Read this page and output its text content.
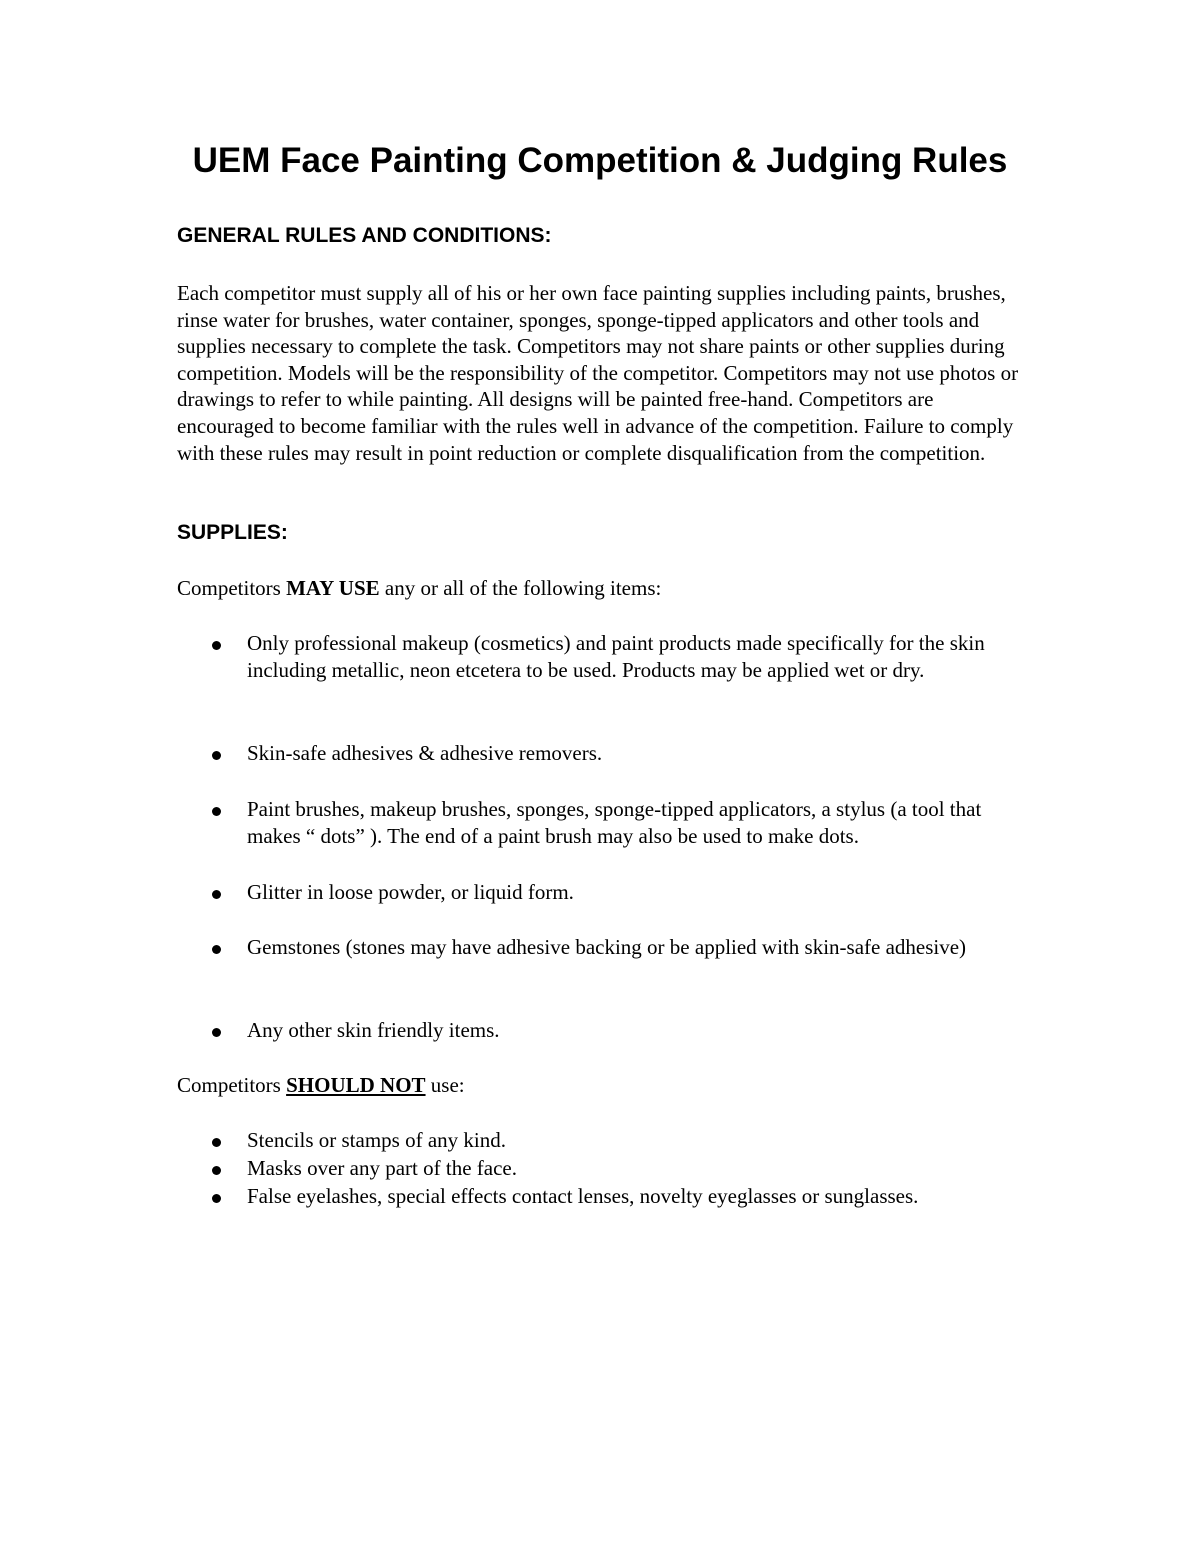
UEM Face Painting Competition & Judging Rules
GENERAL RULES AND CONDITIONS:

Each competitor must supply all of his or her own face painting supplies including paints, brushes, rinse water for brushes, water container, sponges, sponge-tipped applicators and other tools and supplies necessary to complete the task. Competitors may not share paints or other supplies during competition. Models will be the responsibility of the competitor. Competitors may not use photos or drawings to refer to while painting. All designs will be painted free-hand. Competitors are encouraged to become familiar with the rules well in advance of the competition. Failure to comply with these rules may result in point reduction or complete disqualification from the competition.

SUPPLIES:

Competitors MAY USE any or all of the following items:

Only professional makeup (cosmetics) and paint products made specifically for the skin including metallic, neon etcetera to be used. Products may be applied wet or dry.

Skin-safe adhesives & adhesive removers.

Paint brushes, makeup brushes, sponges, sponge-tipped applicators, a stylus (a tool that makes “ dots” ). The end of a paint brush may also be used to make dots.

Glitter in loose powder, or liquid form.

Gemstones (stones may have adhesive backing or be applied with skin-safe adhesive)

Any other skin friendly items.

Competitors SHOULD NOT use:

Stencils or stamps of any kind.

Masks over any part of the face.

False eyelashes, special effects contact lenses, novelty eyeglasses or sunglasses.
